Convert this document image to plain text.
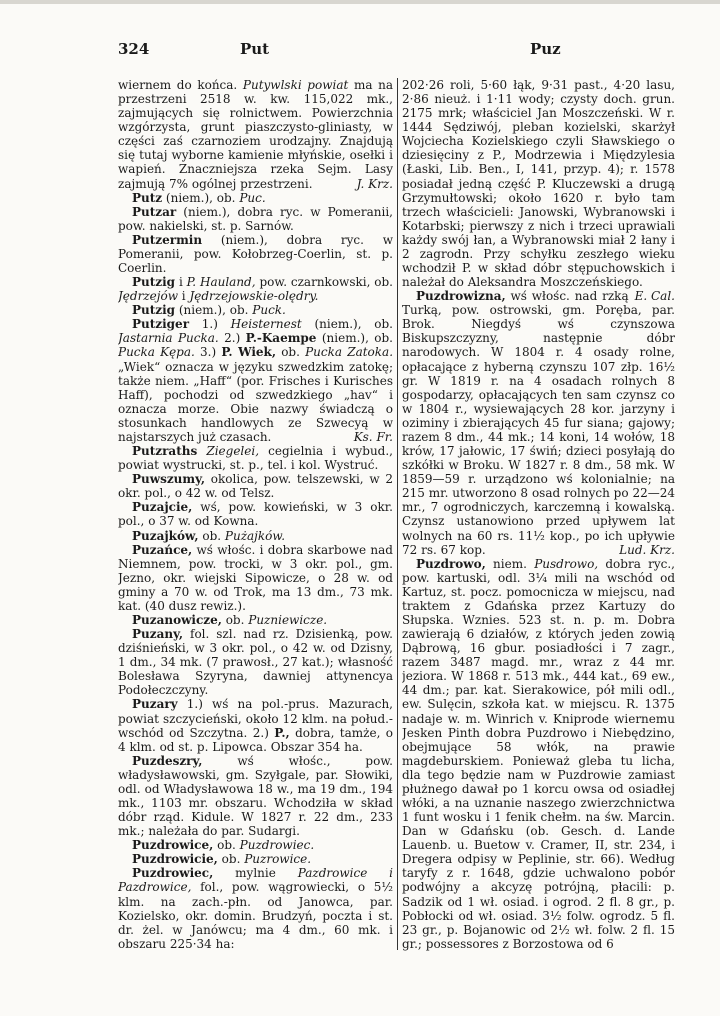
324	Put	Puz

wiernem do końca. Putywlski powiat ma na przestrzeni 2518 w. kw. 115,022 mk., zajmujących się rolnictwem. Powierzchnia wzgórzysta, grunt piaszczysto-gliniasty, w części zaś czarnoziem urodzajny. Znajdują się tutaj wyborne kamienie młyńskie, osełki i wapień. Znaczniejsza rzeka Sejm. Lasy zajmują 7% ogólnej przestrzeni.	J. Krz.

Putz (niem.), ob. Puc.

Putzar (niem.), dobra ryc. w Pomeranii, pow. nakielski, st. p. Sarnów.

Putzermin (niem.), dobra ryc. w Pomeranii, pow. Kołobrzeg-Coerlin, st. p. Coerlin.

Putzig i P. Hauland, pow. czarnkowski, ob. Jędrzejów i Jędrzejowskie-olędry.

Putzig (niem.), ob. Puck.

Putziger 1.) Heisternest (niem.), ob. Jastarnia Pucka. 2.) P.-Kaempe (niem.), ob. Pucka Kępa. 3.) P. Wiek, ob. Pucka Zatoka. „Wiek“ oznacza w języku szwedzkim zatokę; także niem. „Haff“ (por. Frisches i Kurisches Haff), pochodzi od szwedzkiego „hav“ i oznacza morze. Obie nazwy świadczą o stosunkach handlowych ze Szwecyą w najstarszych już czasach.	Ks. Fr.

Putzraths Ziegelei, cegielnia i wybud., powiat wystrucki, st. p., tel. i kol. Wystruć.

Puwszumy, okolica, pow. telszewski, w 2 okr. pol., o 42 w. od Telsz.

Puzajcie, wś, pow. kowieński, w 3 okr. pol., o 37 w. od Kowna.

Puzajków, ob. Pużajków.

Puzańce, wś włośc. i dobra skarbowe nad Niemnem, pow. trocki, w 3 okr. pol., gm. Jezno, okr. wiejski Sipowicze, o 28 w. od gminy a 70 w. od Trok, ma 13 dm., 73 mk. kat. (40 dusz rewiz.).

Puzanowicze, ob. Puzniewicze.

Puzany, fol. szl. nad rz. Dzisienką, pow. dziśnieński, w 3 okr. pol., o 42 w. od Dzisny, 1 dm., 34 mk. (7 prawosł., 27 kat.); własność Bolesława Szyryna, dawniej attynencya Podołeczczyny.

Puzary 1.) wś na pol.-prus. Mazurach, powiat szczycieński, około 12 klm. na połud.-wschód od Szczytna. 2.) P., dobra, tamże, o 4 klm. od st. p. Lipowca. Obszar 354 ha.

Puzdeszry, wś włośc., pow. władysławowski, gm. Szyłgale, par. Słowiki, odl. od Władysławowa 18 w., ma 19 dm., 194 mk., 1103 mr. obszaru. Wchodziła w skład dóbr rząd. Kidule. W 1827 r. 22 dm., 233 mk.; należała do par. Sudargi.

Puzdrowice, ob. Puzdrowiec.

Puzdrowicie, ob. Puzrowice.

Puzdrowiec, mylnie Pazdrowice i Pazdrowice, fol., pow. wągrowiecki, o 5½ klm. na zach.-płn. od Janowca, par. Kozielsko, okr. domin. Brudzyń, poczta i st. dr. żel. w Janówcu; ma 4 dm., 60 mk. i obszaru 225·34 ha:

202·26 roli, 5·60 łąk, 9·31 past., 4·20 lasu, 2·86 nieuż. i 1·11 wody; czysty doch. grun. 2175 mrk; właściciel Jan Moszczeński. W r. 1444 Sędziwój, pleban kozielski, skarżył Wojciecha Kozielskiego czyli Sławskiego o dziesięciny z P., Modrzewia i Międzylesia (Łaski, Lib. Ben., I, 141, przyp. 4); r. 1578 posiadał jedną część P. Kluczewski a drugą Grzymułtowski; około 1620 r. było tam trzech właścicieli: Janowski, Wybranowski i Kotarbski; pierwszy z nich i trzeci uprawiali każdy swój łan, a Wybranowski miał 2 łany i 2 zagrodn. Przy schyłku zeszłego wieku wchodził P. w skład dóbr stępuchowskich i należał do Aleksandra Moszczeńskiego.
E. Cal.

Puzdrowizna, wś włośc. nad rzką Turką, pow. ostrowski, gm. Poręba, par. Brok. Niegdyś wś czynszowa Biskupszczyzny, następnie dóbr narodowych. W 1804 r. 4 osady rolne, opłacające z hyberną czynszu 107 złp. 16½ gr. W 1819 r. na 4 osadach rolnych 8 gospodarzy, opłacających ten sam czynsz co w 1804 r., wysiewających 28 kor. jarzyny i oziminy i zbierających 45 fur siana; gajowy; razem 8 dm., 44 mk.; 14 koni, 14 wołów, 18 krów, 17 jałowic, 17 świń; dzieci posyłają do szkółki w Broku. W 1827 r. 8 dm., 58 mk. W 1859—59 r. urządzono wś kolonialnie; na 215 mr. utworzono 8 osad rolnych po 22—24 mr., 7 ogrodniczych, karczemną i kowalską. Czynsz ustanowiono przed upływem lat wolnych na 60 rs. 11½ kop., po ich upływie 72 rs. 67 kop.	Lud. Krz.

Puzdrowo, niem. Pusdrowo, dobra ryc., pow. kartuski, odl. 3¼ mili na wschód od Kartuz, st. pocz. pomocnicza w miejscu, nad traktem z Gdańska przez Kartuzy do Słupska. Wznies. 523 st. n. p. m. Dobra zawierają 6 działów, z których jeden zowią Dąbrową, 16 gbur. posiadłości i 7 zagr., razem 3487 magd. mr., wraz z 44 mr. jeziora. W 1868 r. 513 mk., 444 kat., 69 ew., 44 dm.; par. kat. Sierakowice, pół mili odl., ew. Sulęcin, szkoła kat. w miejscu. R. 1375 nadaje w. m. Winrich v. Kniprode wiernemu Jesken Pinth dobra Puzdrowo i Niebędzino, obejmujące 58 włók, na prawie magdeburskiem. Ponieważ gleba tu licha, dla tego będzie nam w Puzdrowie zamiast płużnego dawał po 1 korcu owsa od osiadłej włóki, a na uznanie naszego zwierzchnictwa 1 funt wosku i 1 fenik chełm. na św. Marcin. Dan w Gdańsku (ob. Gesch. d. Lande Lauenb. u. Buetow v. Cramer, II, str. 234, i Dregera odpisy w Peplinie, str. 66). Według taryfy z r. 1648, gdzie uchwalono pobór podwójny a akcyzę potrójną, płacili: p. Sadzik od 1 wł. osiad. i ogrod. 2 fl. 8 gr., p. Pobłocki od wł. osiad. 3½ folw. ogrodz. 5 fl. 23 gr., p. Bojanowic od 2½ wł. folw. 2 fl. 15 gr.; possessores z Borzostowa od 6
